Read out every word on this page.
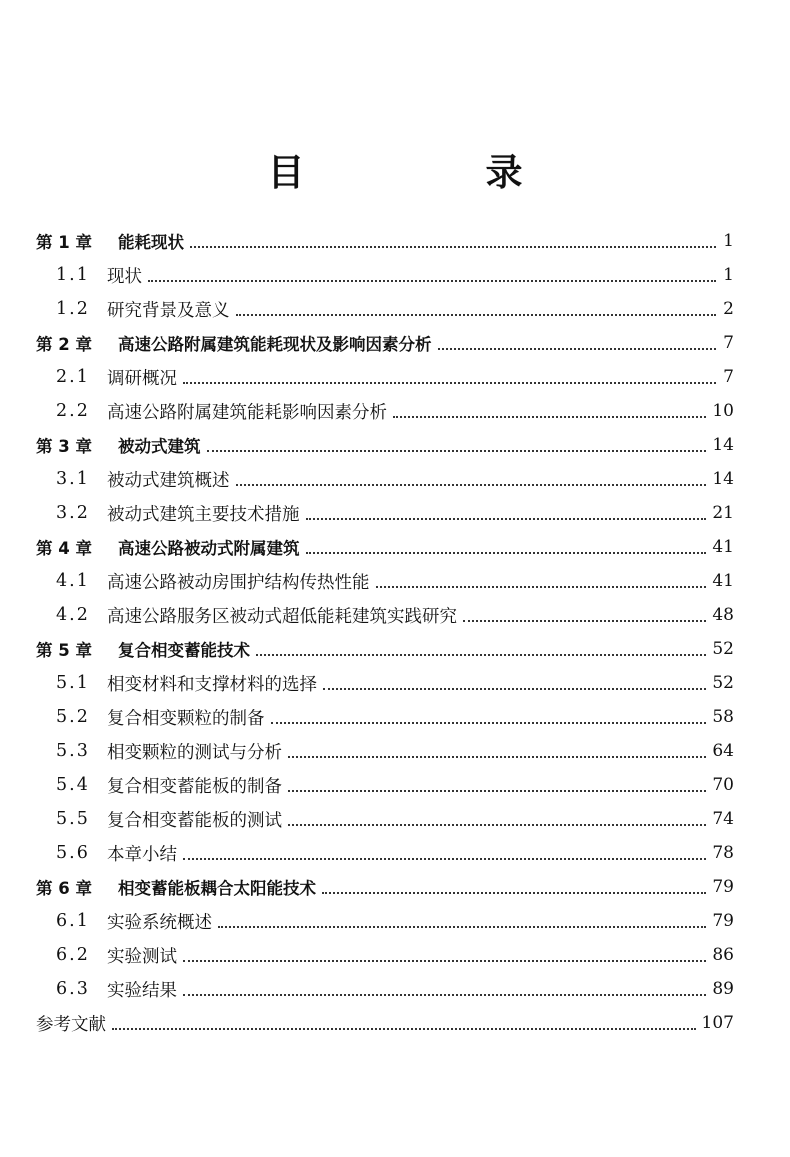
目　录
第 1 章	能耗现状	1
1.1 现状	1
1.2 研究背景及意义	2
第 2 章	高速公路附属建筑能耗现状及影响因素分析	7
2.1 调研概况	7
2.2 高速公路附属建筑能耗影响因素分析	10
第 3 章	被动式建筑	14
3.1 被动式建筑概述	14
3.2 被动式建筑主要技术措施	21
第 4 章	高速公路被动式附属建筑	41
4.1 高速公路被动房围护结构传热性能	41
4.2 高速公路服务区被动式超低能耗建筑实践研究	48
第 5 章	复合相变蓄能技术	52
5.1 相变材料和支撑材料的选择	52
5.2 复合相变颗粒的制备	58
5.3 相变颗粒的测试与分析	64
5.4 复合相变蓄能板的制备	70
5.5 复合相变蓄能板的测试	74
5.6 本章小结	78
第 6 章	相变蓄能板耦合太阳能技术	79
6.1 实验系统概述	79
6.2 实验测试	86
6.3 实验结果	89
参考文献	107
